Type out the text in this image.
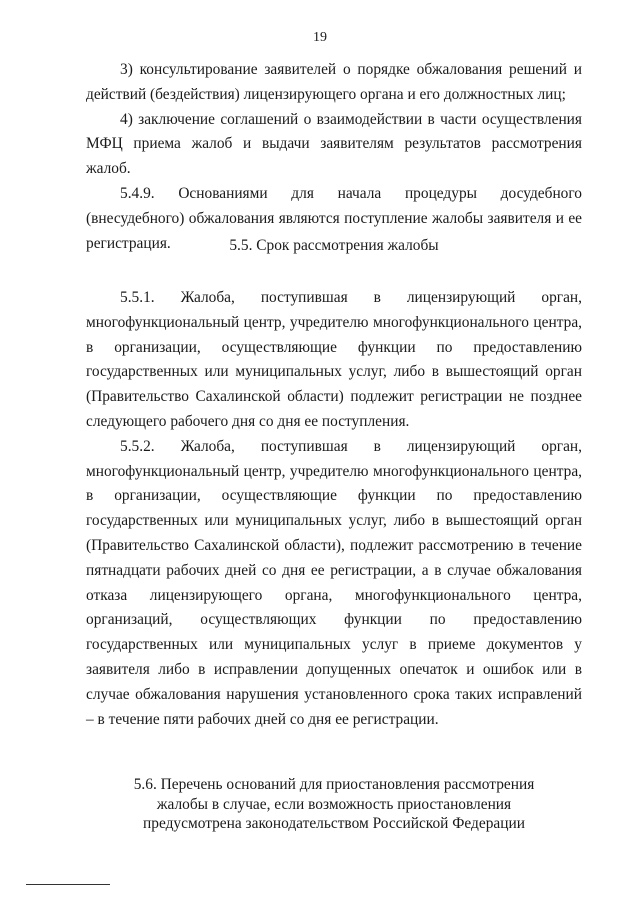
19

3) консультирование заявителей о порядке обжалования решений и действий (бездействия) лицензирующего органа и его должностных лиц;

4) заключение соглашений о взаимодействии в части осуществления МФЦ приема жалоб и выдачи заявителям результатов рассмотрения жалоб.

5.4.9. Основаниями для начала процедуры досудебного (внесудебного) обжалования являются поступление жалобы заявителя и ее регистрация.	5.5. Срок рассмотрения жалобы

5.5.1. Жалоба, поступившая в лицензирующий орган, многофункциональный центр, учредителю многофункционального центра, в организации, осуществляющие функции по предоставлению государственных или муниципальных услуг, либо в вышестоящий орган (Правительство Сахалинской области) подлежит регистрации не позднее следующего рабочего дня со дня ее поступления.

5.5.2. Жалоба, поступившая в лицензирующий орган, многофункциональный центр, учредителю многофункционального центра, в организации, осуществляющие функции по предоставлению государственных или муниципальных услуг, либо в вышестоящий орган (Правительство Сахалинской области), подлежит рассмотрению в течение пятнадцати рабочих дней со дня ее регистрации, а в случае обжалования отказа лицензирующего органа, многофункционального центра, организаций, осуществляющих функции по предоставлению государственных или муниципальных услуг в приеме документов у заявителя либо в исправлении допущенных опечаток и ошибок или в случае обжалования нарушения установленного срока таких исправлений – в течение пяти рабочих дней со дня ее регистрации.

5.6. Перечень оснований для приостановления рассмотрения
жалобы в случае, если возможность приостановления
предусмотрена законодательством Российской Федерации
